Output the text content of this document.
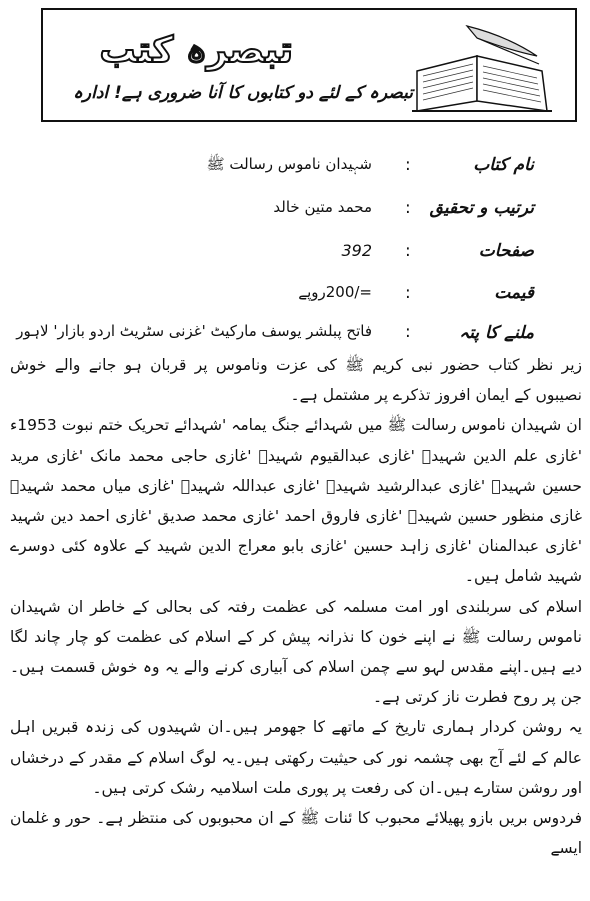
تبصرہ کتب
تبصرہ کے لئے دو کتابوں کا آنا ضروری ہے! ادارہ
نام کتاب
:
شہیدان ناموس رسالت ﷺ
ترتیب و تحقیق
:
محمد متین خالد
صفحات
:
392
قیمت
:
=/200روپے
ملنے کا پتہ
:
فاتح پبلشر یوسف مارکیٹ 'غزنی سٹریٹ اردو بازار' لاہور

زیر نظر کتاب حضور نبی کریم ﷺ کی عزت وناموس پر قربان ہو جانے والے خوش نصیبوں کے ایمان افروز تذکرے پر مشتمل ہے۔

ان شہیدان ناموس رسالت ﷺ میں شہدائے جنگ یمامہ 'شہدائے تحریک ختم نبوت 1953ء 'غازی علم الدین شہیدؒ 'غازی عبدالقیوم شہیدؒ 'غازی حاجی محمد مانک 'غازی مرید حسین شہیدؒ 'غازی عبدالرشید شہیدؒ 'غازی عبداللہ شہیدؒ 'غازی میاں محمد شہیدؒ غازی منظور حسین شہیدؒ 'غازی فاروق احمد 'غازی محمد صدیق 'غازی احمد دین شہید 'غازی عبدالمنان 'غازی زاہد حسین 'غازی بابو معراج الدین شہید کے علاوہ کئی دوسرے شہید شامل ہیں۔

اسلام کی سربلندی اور امت مسلمہ کی عظمت رفتہ کی بحالی کے خاطر ان شہیدان ناموس رسالت ﷺ نے اپنے خون کا نذرانہ پیش کر کے اسلام کی عظمت کو چار چاند لگا دیے ہیں۔اپنے مقدس لہو سے چمن اسلام کی آبیاری کرنے والے یہ وہ خوش قسمت ہیں۔ جن پر روح فطرت ناز کرتی ہے۔

یہ روشن کردار ہماری تاریخ کے ماتھے کا جھومر ہیں۔ان شہیدوں کی زندہ قبریں اہل عالم کے لئے آج بھی چشمہ نور کی حیثیت رکھتی ہیں۔یہ لوگ اسلام کے مقدر کے درخشاں اور روشن ستارے ہیں۔ان کی رفعت پر پوری ملت اسلامیہ رشک کرتی ہیں۔

فردوس بریں بازو پھیلائے محبوب کا ئنات ﷺ کے ان محبوبوں کی منتظر ہے۔ حور و غلمان ایسے
